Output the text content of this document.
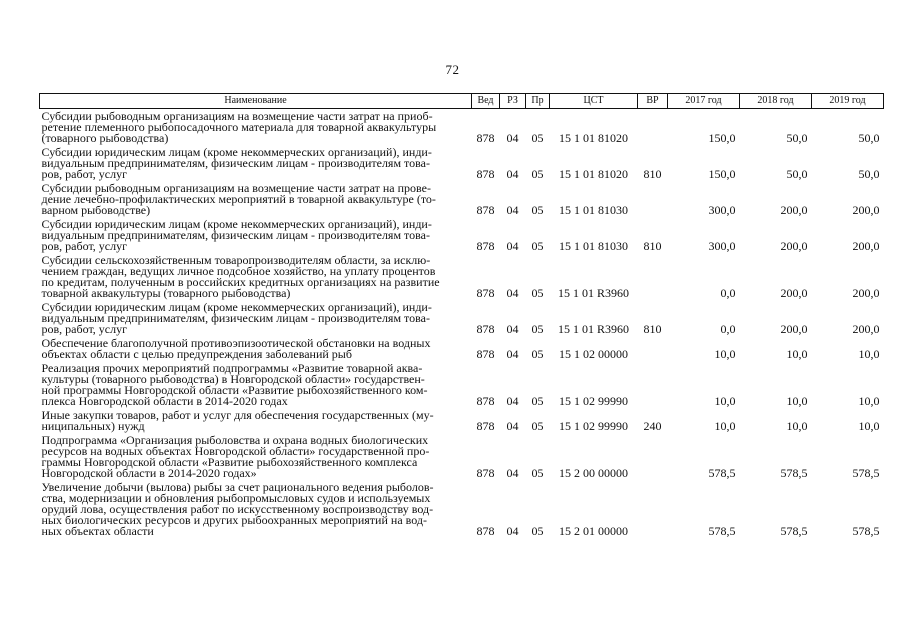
72
Наименование	Вед	РЗ	Пр	ЦСТ	ВР	2017 год	2018 год	2019 год

Субсидии рыбоводным организациям на возмещение части затрат на приоб-
ретение племенного рыбопосадочного материала для товарной аквакультуры
(товарного рыбоводства)	878	04	05	15 1 01 81020		150,0	50,0	50,0

Субсидии юридическим лицам (кроме некоммерческих организаций), инди-
видуальным предпринимателям, физическим лицам - производителям това-
ров, работ, услуг	878	04	05	15 1 01 81020	810	150,0	50,0	50,0

Субсидии рыбоводным организациям на возмещение части затрат на прове-
дение лечебно-профилактических мероприятий в товарной аквакультуре (то-
варном рыбоводстве)	878	04	05	15 1 01 81030		300,0	200,0	200,0

Субсидии юридическим лицам (кроме некоммерческих организаций), инди-
видуальным предпринимателям, физическим лицам - производителям това-
ров, работ, услуг	878	04	05	15 1 01 81030	810	300,0	200,0	200,0

Субсидии сельскохозяйственным товаропроизводителям области, за исклю-
чением граждан, ведущих личное подсобное хозяйство, на уплату процентов
по кредитам, полученным в российских кредитных организациях на развитие
товарной аквакультуры (товарного рыбоводства)	878	04	05	15 1 01 R3960		0,0	200,0	200,0

Субсидии юридическим лицам (кроме некоммерческих организаций), инди-
видуальным предпринимателям, физическим лицам - производителям това-
ров, работ, услуг	878	04	05	15 1 01 R3960	810	0,0	200,0	200,0

Обеспечение благополучной противоэпизоотической обстановки на водных
объектах области с целью предупреждения заболеваний рыб	878	04	05	15 1 02 00000		10,0	10,0	10,0

Реализация прочих мероприятий подпрограммы «Развитие товарной аква-
культуры (товарного рыбоводства) в Новгородской области» государствен-
ной программы Новгородской области «Развитие рыбохозяйственного ком-
плекса Новгородской области в 2014-2020 годах	878	04	05	15 1 02 99990		10,0	10,0	10,0

Иные закупки товаров, работ и услуг для обеспечения государственных (му-
ниципальных) нужд	878	04	05	15 1 02 99990	240	10,0	10,0	10,0

Подпрограмма «Организация рыболовства и охрана водных биологических
ресурсов на водных объектах Новгородской области» государственной про-
граммы Новгородской области «Развитие рыбохозяйственного комплекса
Новгородской области в 2014-2020 годах»	878	04	05	15 2 00 00000		578,5	578,5	578,5

Увеличение добычи (вылова) рыбы за счет рационального ведения рыболов-
ства, модернизации и обновления рыбопромысловых судов и используемых
орудий лова, осуществления работ по искусственному воспроизводству вод-
ных биологических ресурсов и других рыбоохранных мероприятий на вод-
ных объектах области	878	04	05	15 2 01 00000		578,5	578,5	578,5
